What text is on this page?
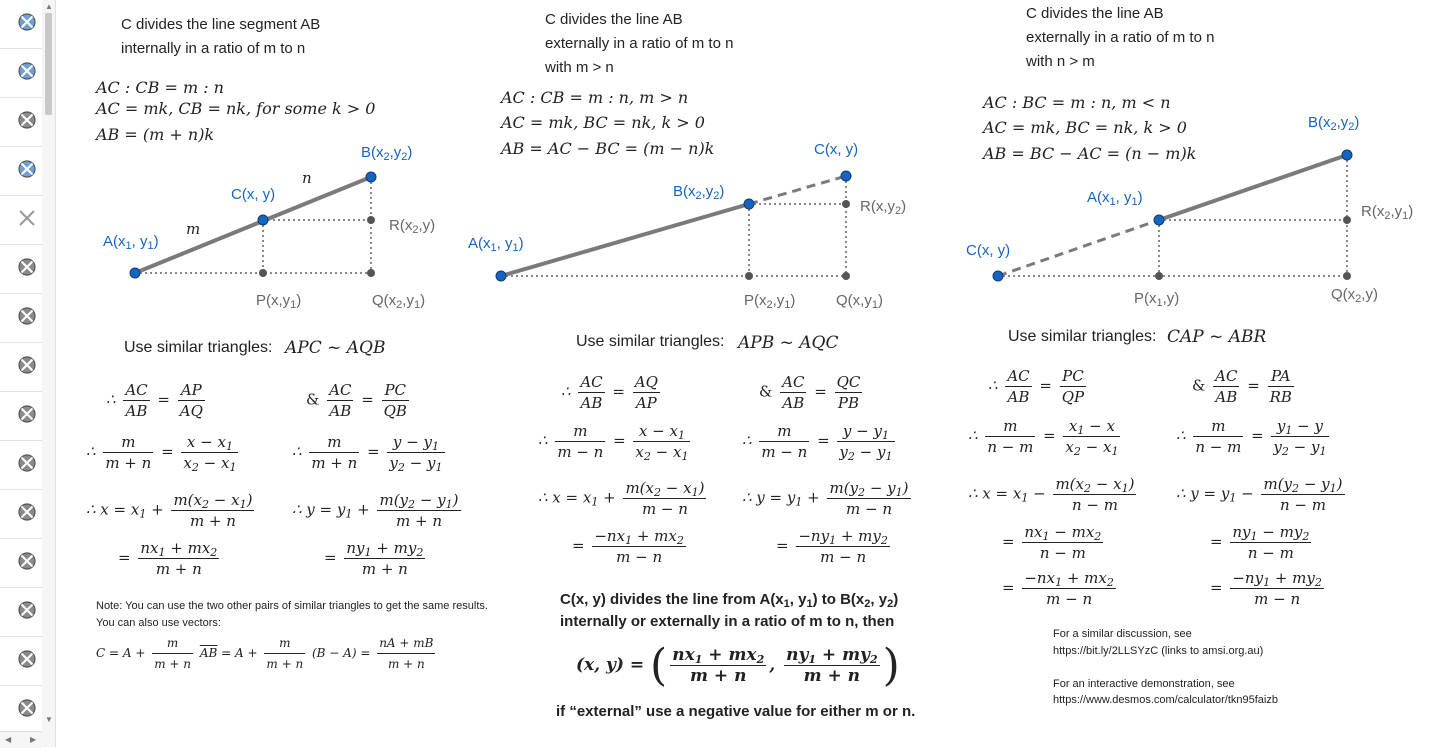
▲
▼
◀ ▶
C divides the line segment AB
internally in a ratio of m to n
AC : CB = m : n
AC = mk, CB = nk, for some k > 0
AB = (m + n)k
$B(x_2,y_2)$
C(x, y)
$A(x_1$, $y_1$)
m
n
$R(x_2,y)$
$P(x,y_1)$	$Q(x_2,y_1)$
Use similar triangles: APC ~ AQB
∴ $\frac{AC}{AB} = \frac{AP}{AQ}$	& $\frac{AC}{AB} = \frac{PC}{QB}$
∴ $\frac{m}{m + n} = \frac{x - x_1}{x_2 - x_1}$	∴ $\frac{m}{m + n} = \frac{y - y_1}{y_2 - y_1}$
∴ $x = x_1 + \frac{m(x_2 - x_1)}{m + n}$	∴ $y = y_1 + \frac{m(y_2 - y_1)}{m + n}$
= $\frac{nx_1 + mx_2}{m + n}$	= $\frac{ny_1 + my_2}{m + n}$
Note: You can use the two other pairs of similar triangles to get the same results.
You can also use vectors:
$C = A + \frac{m}{m + n} \overline{AB} = A + \frac{m}{m + n} (B - A) = \frac{nA + mB}{m + n}$
C divides the line AB
externally in a ratio of m to n
with m > n
AC : CB = m : n, m > n
AC = mk, BC = nk, k > 0
AB = AC − BC = (m − n)k	C(x, y)
$B(x_2,y_2)$
$A(x_1$, $y_1$)
$R(x,y_2)$
$P(x_2,y_1)$	$Q(x,y_1)$
Use similar triangles: APB ~ AQC
∴ $\frac{AC}{AB} = \frac{AQ}{AP}$	& $\frac{AC}{AB} = \frac{QC}{PB}$
∴ $\frac{m}{m - n} = \frac{x - x_1}{x_2 - x_1}$	∴ $\frac{m}{m - n} = \frac{y - y_1}{y_2 - y_1}$
∴ $x = x_1 + \frac{m(x_2 - x_1)}{m - n}$ ∴ $y = y_1 + \frac{m(y_2 - y_1)}{m - n}$
= $\frac{-nx_1 + mx_2}{m - n}$	= $\frac{-ny_1 + my_2}{m - n}$
C(x, y) divides the line from $A(x_1$, $y_1$) to $B(x_2$, $y_2$)
internally or externally in a ratio of m to n, then
(x, y) = ( $\frac{nx_1 + mx_2}{m + n}$ , $\frac{ny_1 + my_2}{m + n}$ )
if “external” use a negative value for either m or n.
C divides the line AB
externally in a ratio of m to n
with n > m
AC : BC = m : n, m < n
AC = mk, BC = nk, k > 0
AB = BC − AC = (n − m)k
$B(x_2,y_2)$
$A(x_1$, $y_1$)
C(x, y)
$R(x_2,y_1)$
$P(x_1,y)$	$Q(x_2,y)$
Use similar triangles: CAP ~ ABR
∴ $\frac{AC}{AB} = \frac{PC}{QP}$	& $\frac{AC}{AB} = \frac{PA}{RB}$
∴ $\frac{m}{n - m} = \frac{x_1 - x}{x_2 - x_1}$	∴ $\frac{m}{n - m} = \frac{y_1 - y}{y_2 - y_1}$
∴ $x = x_1 - \frac{m(x_2 - x_1)}{n - m}$	∴ $y = y_1 - \frac{m(y_2 - y_1)}{n - m}$
= $\frac{nx_1 - mx_2}{n - m}$	= $\frac{ny_1 - my_2}{n - m}$
= $\frac{-nx_1 + mx_2}{m - n}$	= $\frac{-ny_1 + my_2}{m - n}$
For a similar discussion, see
https://bit.ly/2LLSYzC (links to amsi.org.au)
For an interactive demonstration, see
https://www.desmos.com/calculator/tkn95faizb
